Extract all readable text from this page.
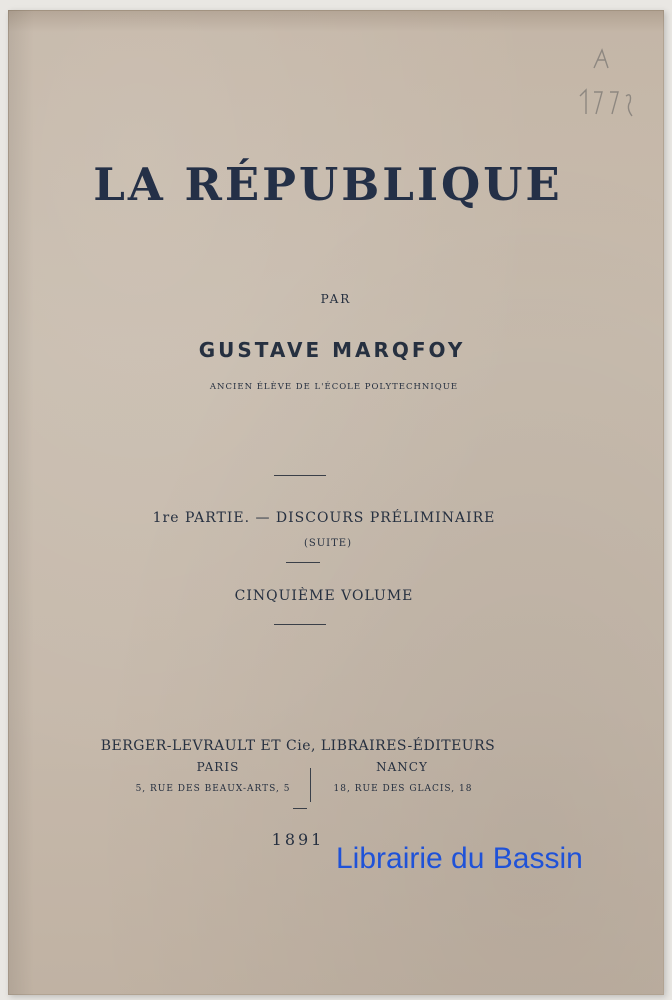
LA RÉPUBLIQUE
PAR
GUSTAVE MARQFOY
ANCIEN ÉLÈVE DE L'ÉCOLE POLYTECHNIQUE
1re PARTIE. — DISCOURS PRÉLIMINAIRE
(SUITE)
CINQUIÈME VOLUME
BERGER-LEVRAULT ET Cie, LIBRAIRES-ÉDITEURS
PARIS
5, RUE DES BEAUX-ARTS, 5
NANCY
18, RUE DES GLACIS, 18
1891
Librairie du Bassin
